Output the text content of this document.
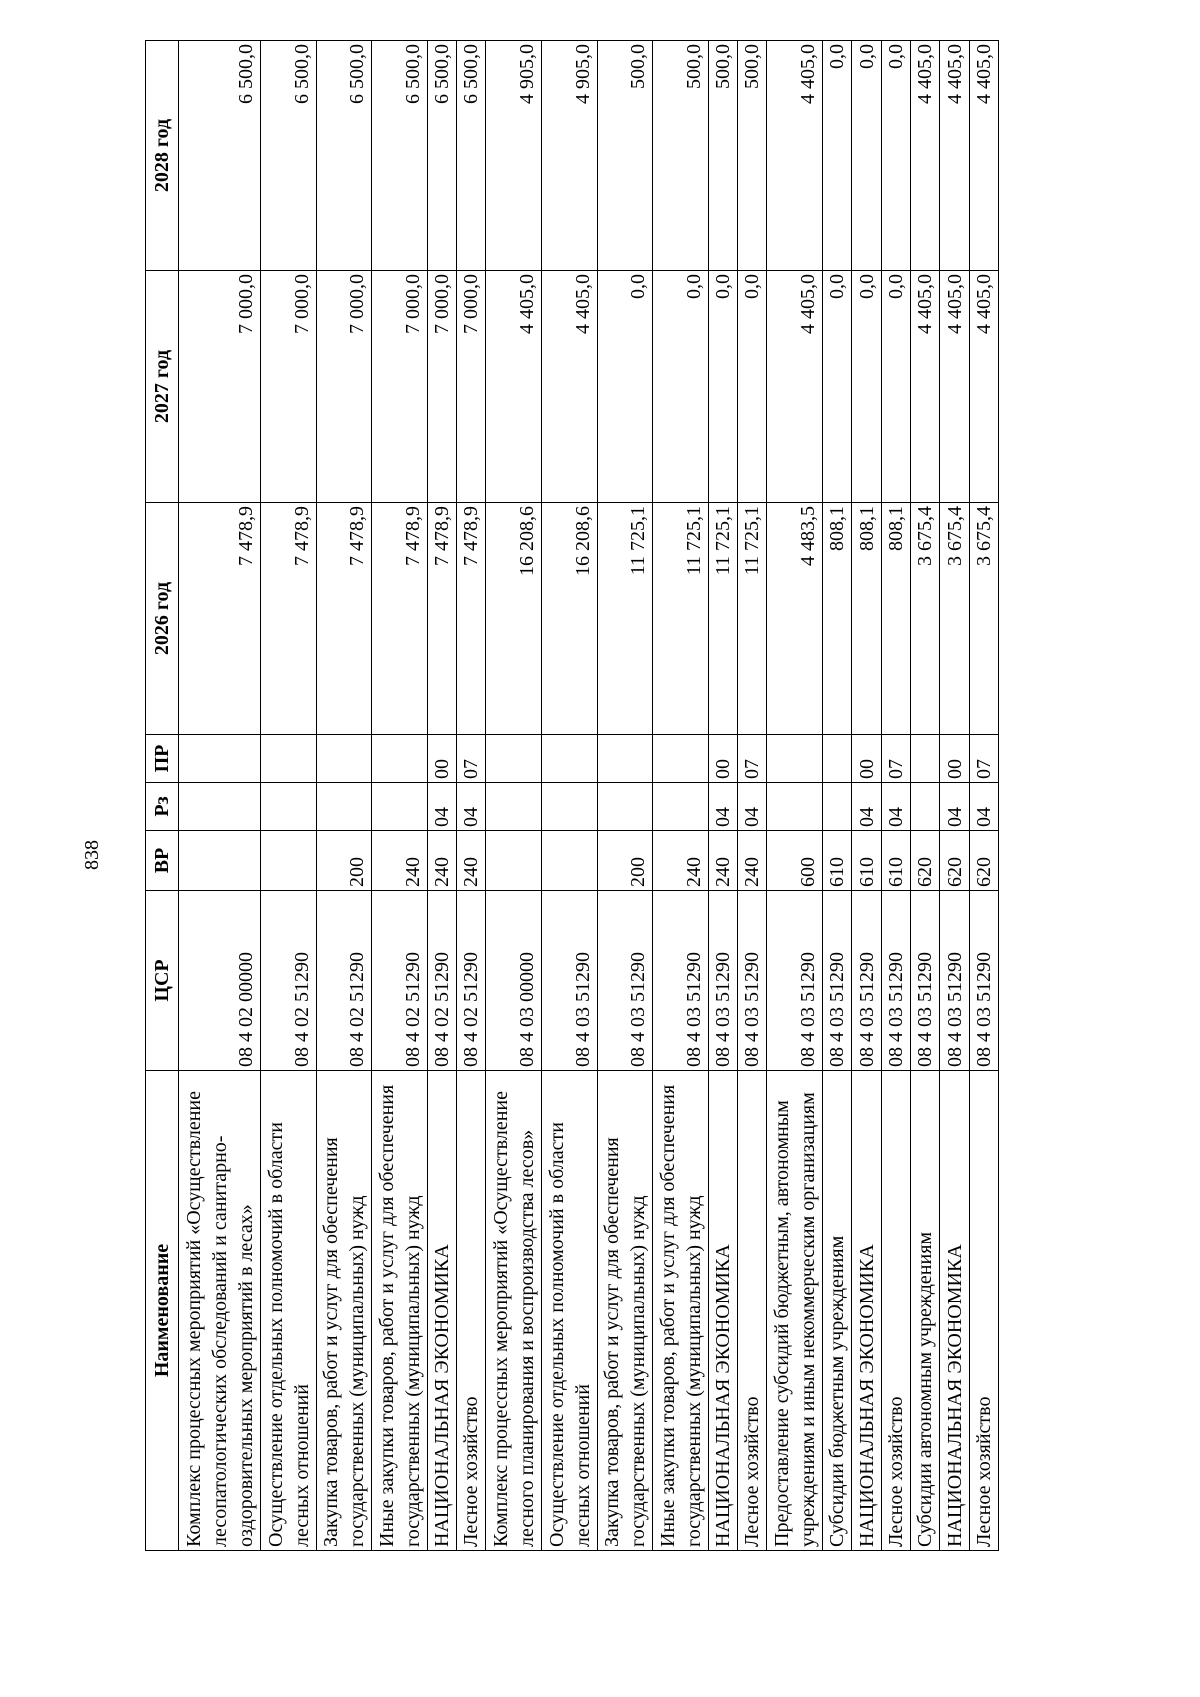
838
Наименование	ЦСР	ВР	Рз	ПР	2026 год	2027 год	2028 год
Комплекс процессных мероприятий «Осуществление лесопатологических обследований и санитарно-оздоровительных мероприятий в лесах»	08 4 02 00000				7 478,9	7 000,0	6 500,0
Осуществление отдельных полномочий в области лесных отношений	08 4 02 51290				7 478,9	7 000,0	6 500,0
Закупка товаров, работ и услуг для обеспечения государственных (муниципальных) нужд	08 4 02 51290	200			7 478,9	7 000,0	6 500,0
Иные закупки товаров, работ и услуг для обеспечения государственных (муниципальных) нужд	08 4 02 51290	240			7 478,9	7 000,0	6 500,0
НАЦИОНАЛЬНАЯ ЭКОНОМИКА	08 4 02 51290	240	04	00	7 478,9	7 000,0	6 500,0
Лесное хозяйство	08 4 02 51290	240	04	07	7 478,9	7 000,0	6 500,0
Комплекс процессных мероприятий «Осуществление лесного планирования и воспроизводства лесов»	08 4 03 00000				16 208,6	4 405,0	4 905,0
Осуществление отдельных полномочий в области лесных отношений	08 4 03 51290				16 208,6	4 405,0	4 905,0
Закупка товаров, работ и услуг для обеспечения государственных (муниципальных) нужд	08 4 03 51290	200			11 725,1	0,0	500,0
Иные закупки товаров, работ и услуг для обеспечения государственных (муниципальных) нужд	08 4 03 51290	240			11 725,1	0,0	500,0
НАЦИОНАЛЬНАЯ ЭКОНОМИКА	08 4 03 51290	240	04	00	11 725,1	0,0	500,0
Лесное хозяйство	08 4 03 51290	240	04	07	11 725,1	0,0	500,0
Предоставление субсидий бюджетным, автономным учреждениям и иным некоммерческим организациям	08 4 03 51290	600			4 483,5	4 405,0	4 405,0
Субсидии бюджетным учреждениям	08 4 03 51290	610			808,1	0,0	0,0
НАЦИОНАЛЬНАЯ ЭКОНОМИКА	08 4 03 51290	610	04	00	808,1	0,0	0,0
Лесное хозяйство	08 4 03 51290	610	04	07	808,1	0,0	0,0
Субсидии автономным учреждениям	08 4 03 51290	620			3 675,4	4 405,0	4 405,0
НАЦИОНАЛЬНАЯ ЭКОНОМИКА	08 4 03 51290	620	04	00	3 675,4	4 405,0	4 405,0
Лесное хозяйство	08 4 03 51290	620	04	07	3 675,4	4 405,0	4 405,0
